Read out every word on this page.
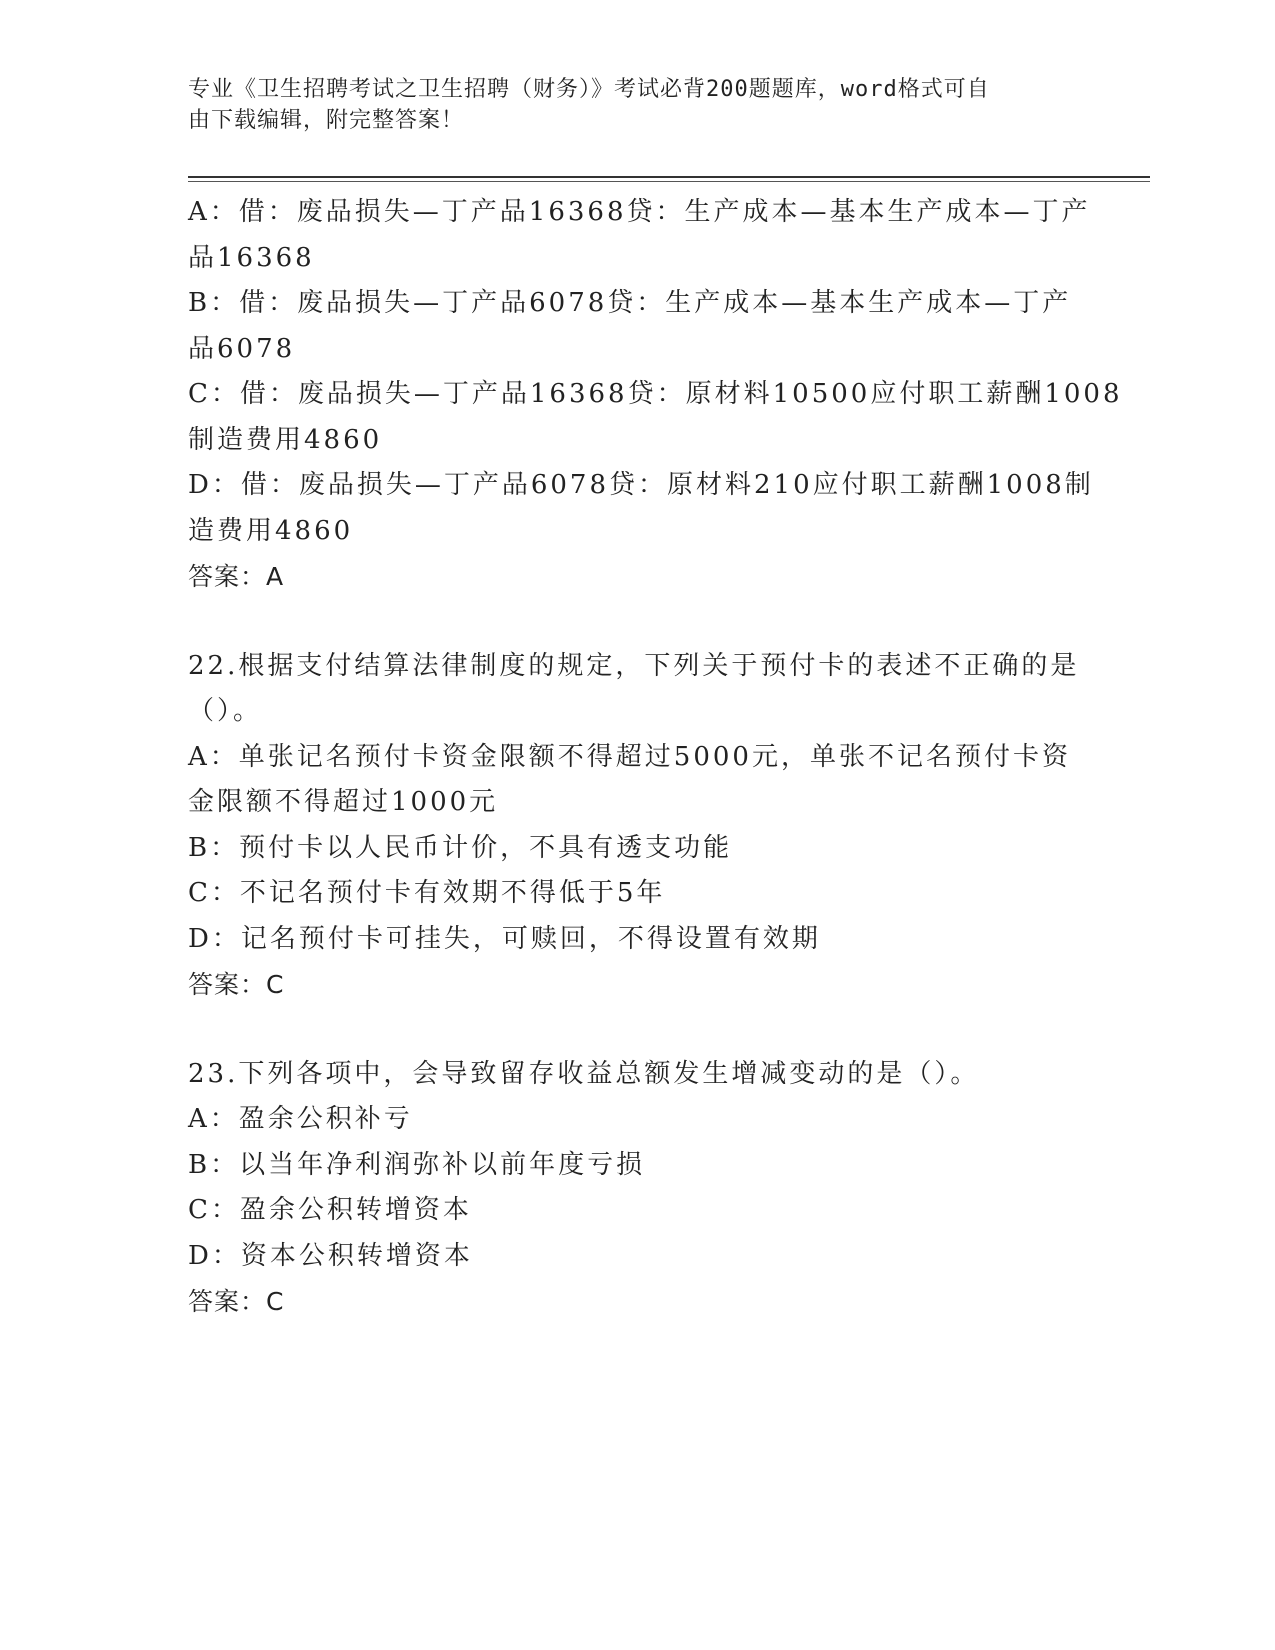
专业《卫生招聘考试之卫生招聘（财务）》考试必背200题题库，word格式可自
由下载编辑，附完整答案！
A：借：废品损失—丁产品16368贷：生产成本—基本生产成本—丁产
品16368
B：借：废品损失—丁产品6078贷：生产成本—基本生产成本—丁产
品6078
C：借：废品损失—丁产品16368贷：原材料10500应付职工薪酬1008
制造费用4860
D：借：废品损失—丁产品6078贷：原材料210应付职工薪酬1008制
造费用4860
答案：A
22.根据支付结算法律制度的规定，下列关于预付卡的表述不正确的是
（）。
A：单张记名预付卡资金限额不得超过5000元，单张不记名预付卡资
金限额不得超过1000元
B：预付卡以人民币计价，不具有透支功能
C：不记名预付卡有效期不得低于5年
D：记名预付卡可挂失，可赎回，不得设置有效期
答案：C
23.下列各项中，会导致留存收益总额发生增减变动的是（）。
A：盈余公积补亏
B：以当年净利润弥补以前年度亏损
C：盈余公积转增资本
D：资本公积转增资本
答案：C
